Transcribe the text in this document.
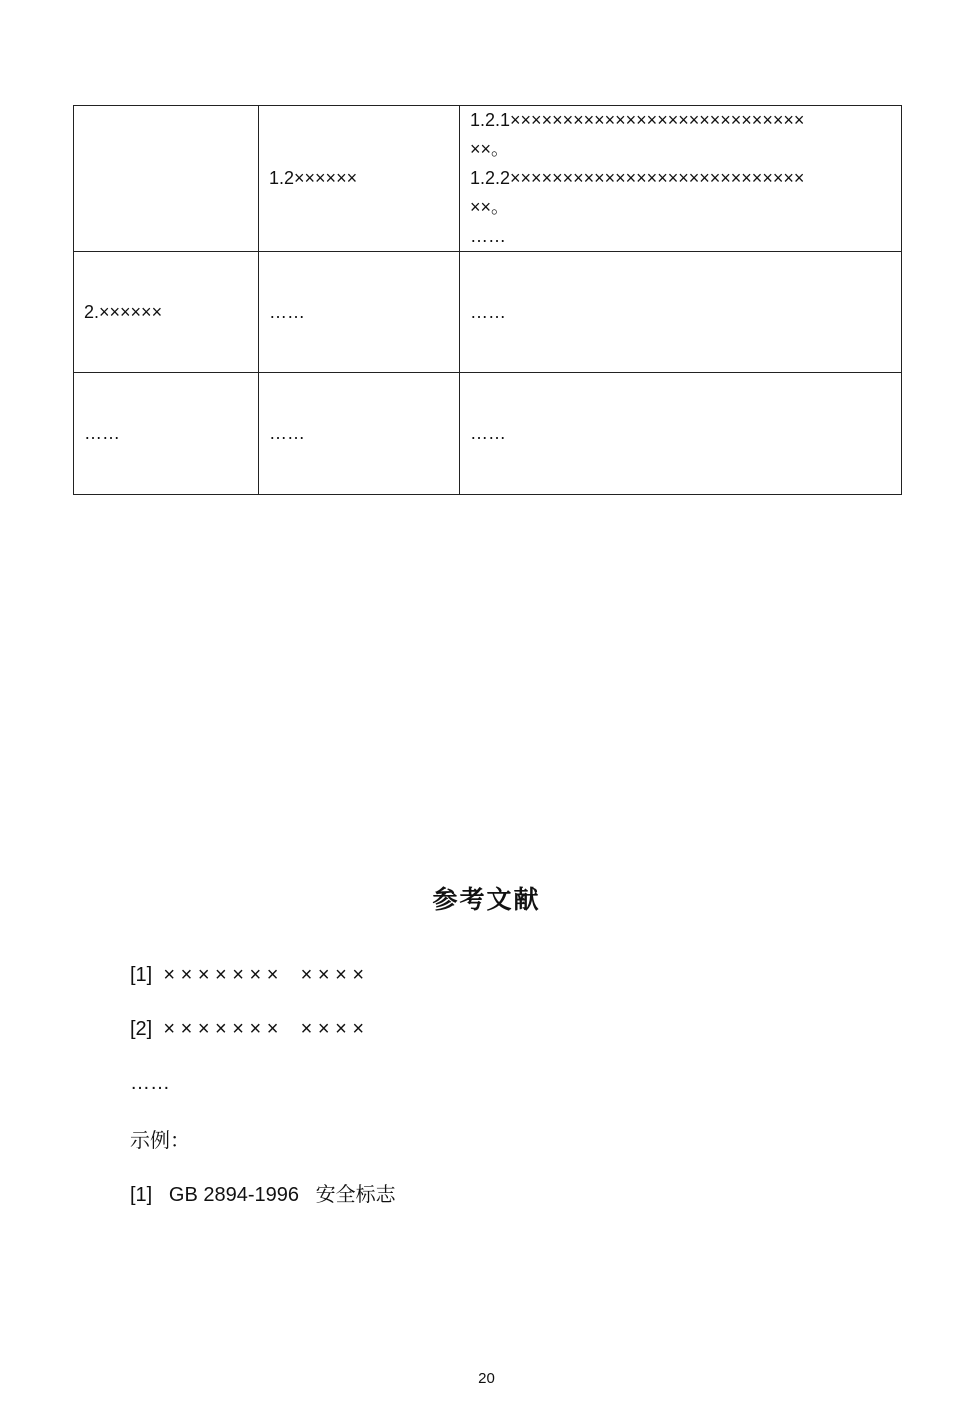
	1.2××××××	1.2.1××××××××××××××××××××××××××××
××。
1.2.2××××××××××××××××××××××××××××
××。
……

2.××××××	……	……
……	……	……
参考文献
[1]  × × × × × × ×    × × × ×
[2]  × × × × × × ×    × × × ×
……
示例：
[1]   GB 2894-1996   安全标志
20
